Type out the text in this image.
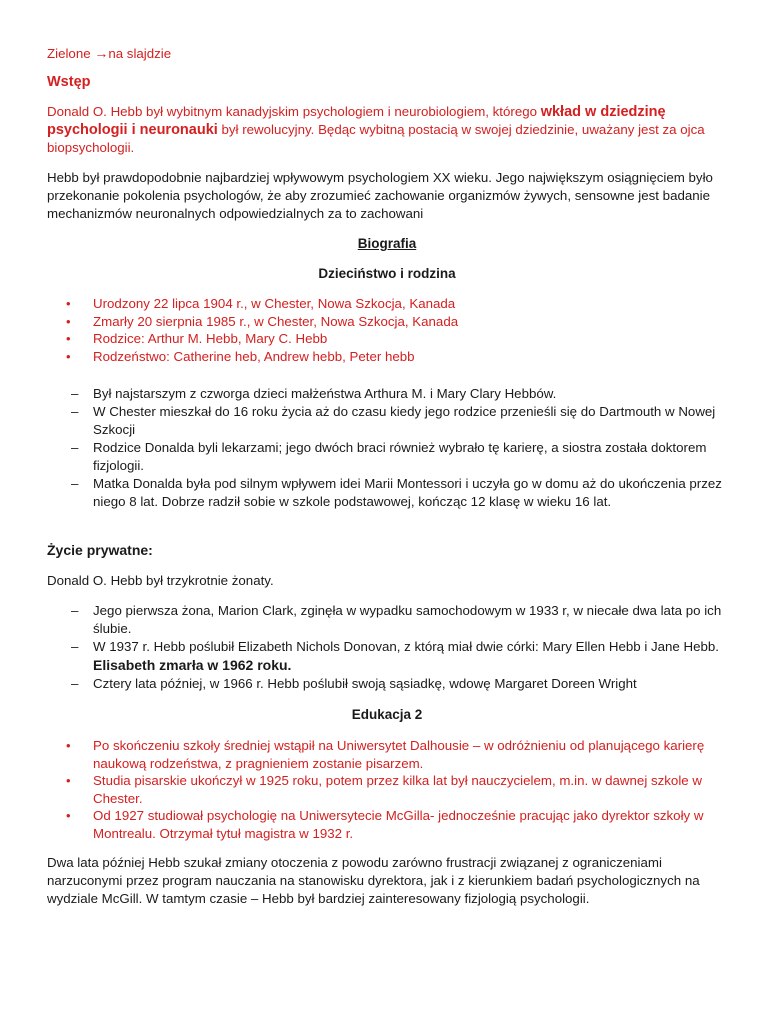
Zielone →na slajdzie

Wstęp

Donald O. Hebb był wybitnym kanadyjskim psychologiem i neurobiologiem, którego wkład w dziedzinę psychologii i neuronauki był rewolucyjny. Będąc wybitną postacią w swojej dziedzinie, uważany jest za ojca biopsychologii.

Hebb był prawdopodobnie najbardziej wpływowym psychologiem XX wieku. Jego największym osiągnięciem było przekonanie pokolenia psychologów, że aby zrozumieć zachowanie organizmów żywych, sensowne jest badanie mechanizmów neuronalnych odpowiedzialnych za to zachowani

Biografia

Dzieciństwo i rodzina

• Urodzony 22 lipca 1904 r., w Chester, Nowa Szkocja, Kanada
• Zmarły 20 sierpnia 1985 r., w Chester, Nowa Szkocja, Kanada
• Rodzice: Arthur M. Hebb, Mary C. Hebb
• Rodzeństwo: Catherine heb, Andrew hebb, Peter hebb
– Był najstarszym z czworga dzieci małżeństwa Arthura M. i Mary Clary Hebbów.
– W Chester mieszkał do 16 roku życia aż do czasu kiedy jego rodzice przenieśli się do Dartmouth w Nowej Szkocji
– Rodzice Donalda byli lekarzami; jego dwóch braci również wybrało tę karierę, a siostra została doktorem fizjologii.
– Matka Donalda była pod silnym wpływem idei Marii Montessori i uczyła go w domu aż do ukończenia przez niego 8 lat. Dobrze radził sobie w szkole podstawowej, kończąc 12 klasę w wieku 16 lat.

Życie prywatne:

Donald O. Hebb był trzykrotnie żonaty.

– Jego pierwsza żona, Marion Clark, zginęła w wypadku samochodowym w 1933 r, w niecałe dwa lata po ich ślubie.
– W 1937 r. Hebb poślubił Elizabeth Nichols Donovan, z którą miał dwie córki: Mary Ellen Hebb i Jane Hebb. Elisabeth zmarła w 1962 roku.
– Cztery lata później, w 1966 r. Hebb poślubił swoją sąsiadkę, wdowę Margaret Doreen Wright

Edukacja 2

• Po skończeniu szkoły średniej wstąpił na Uniwersytet Dalhousie – w odróżnieniu od planującego karierę naukową rodzeństwa, z pragnieniem zostanie pisarzem.
• Studia pisarskie ukończył w 1925 roku, potem przez kilka lat był nauczycielem, m.in. w dawnej szkole w Chester.
• Od 1927 studiował psychologię na Uniwersytecie McGilla- jednocześnie pracując jako dyrektor szkoły w Montrealu. Otrzymał tytuł magistra w 1932 r.

Dwa lata później Hebb szukał zmiany otoczenia z powodu zarówno frustracji związanej z ograniczeniami narzuconymi przez program nauczania na stanowisku dyrektora, jak i z kierunkiem badań psychologicznych na wydziale McGill. W tamtym czasie – Hebb był bardziej zainteresowany fizjologią psychologii.
